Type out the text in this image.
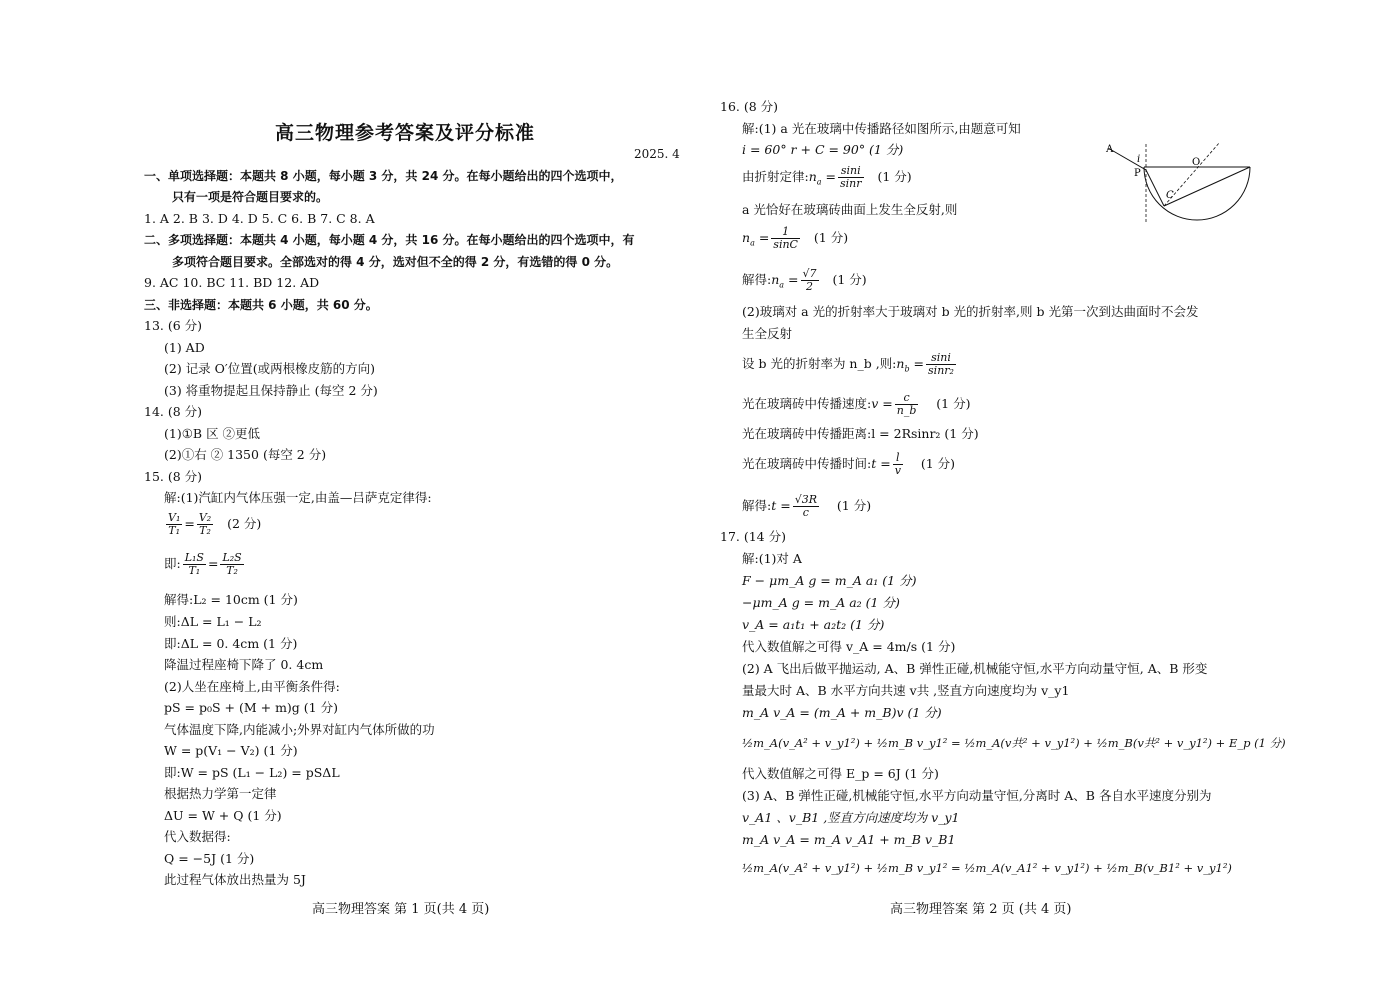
高三物理参考答案及评分标准
2025. 4
一、单项选择题：本题共 8 小题，每小题 3 分，共 24 分。在每小题给出的四个选项中，
只有一项是符合题目要求的。
1. A 2. B 3. D 4. D 5. C 6. B 7. C 8. A
二、多项选择题：本题共 4 小题，每小题 4 分，共 16 分。在每小题给出的四个选项中，有
多项符合题目要求。全部选对的得 4 分，选对但不全的得 2 分，有选错的得 0 分。
9. AC 10. BC 11. BD 12. AD
三、非选择题：本题共 6 小题，共 60 分。
13. (6 分)
(1) AD
(2) 记录 O′位置(或两根橡皮筋的方向)
(3) 将重物提起且保持静止 (每空 2 分)
14. (8 分)
(1)①B 区 ②更低
(2)①右 ② 1350 (每空 2 分)
15. (8 分)
解:(1)汽缸内气体压强一定,由盖—吕萨克定律得:
$\frac{\text{V₁}}{\text{T₁}} = \frac{\text{V₂}}{\text{T₂}} (2$ 分)
即: $\frac{\text{L₁S}}{\text{T₁}} = \frac{\text{L₂S}}{\text{T₂}}$
解得:L₂ = 10cm (1 分)
则:ΔL = L₁ − L₂
即:ΔL = 0. 4cm (1 分)
降温过程座椅下降了 0. 4cm
(2)人坐在座椅上,由平衡条件得:
pS = p₀S + (M + m)g (1 分)
气体温度下降,内能减小;外界对缸内气体所做的功
W = p(V₁ − V₂) (1 分)
即:W = pS (L₁ − L₂) = pSΔL
根据热力学第一定律
ΔU = W + Q (1 分)
代入数据得:
Q = −5J (1 分)
此过程气体放出热量为 5J
高三物理答案 第 1 页(共 4 页)
16. (8 分)
解:(1) a 光在玻璃中传播路径如图所示,由题意可知
i = 60° r + C = 90° (1 分)
由折射定律$:n_a = \frac{\sin i}{\sin r} (1$ 分)
a 光恰好在玻璃砖曲面上发生全反射,则
$n_a = \frac{1}{\sin C} (1$ 分)
解得$:n_a = \frac{√7}{2} (1$ 分)
(2)玻璃对 a 光的折射率大于玻璃对 b 光的折射率,则 b 光第一次到达曲面时不会发
生全反射
设 b 光的折射率为 n_b ,则$:n_b = \frac{\sin i}{\text{sinr₂}}$
光在玻璃砖中传播速度:v = $\frac{c}{n\_b} (1$ 分)
光在玻璃砖中传播距离:l = 2Rsinr₂ (1 分)
光在玻璃砖中传播时间:t = $\frac{l}{v} (1$ 分)
解得:t = $\frac{√3R}{c} (1$ 分)
17. (14 分)
解:(1)对 A
F − μm_A g = m_A a₁ (1 分)
−μm_A g = m_A a₂ (1 分)
v_A = a₁t₁ + a₂t₂ (1 分)
代入数值解之可得 v_A = 4m/s (1 分)
(2) A 飞出后做平抛运动, A、B 弹性正碰,机械能守恒,水平方向动量守恒, A、B 形变
量最大时 A、B 水平方向共速 v共 ,竖直方向速度均为 v_y1
m_A v_A = (m_A + m_B)v (1 分)
½m_A(v_A² + v_y1²) + ½m_B v_y1² = ½m_A(v共² + v_y1²) + ½m_B(v共² + v_y1²) + E_p (1 分)
代入数值解之可得 E_p = 6J (1 分)
(3) A、B 弹性正碰,机械能守恒,水平方向动量守恒,分离时 A、B 各自水平速度分别为
v_A1 、v_B1 ,竖直方向速度均为 v_y1
m_A v_A = m_A v_A1 + m_B v_B1
½m_A(v_A² + v_y1²) + ½m_B v_y1² = ½m_A(v_A1² + v_y1²) + ½m_B(v_B1² + v_y1²)
A
i	O
P
C
高三物理答案 第 2 页 (共 4 页)
